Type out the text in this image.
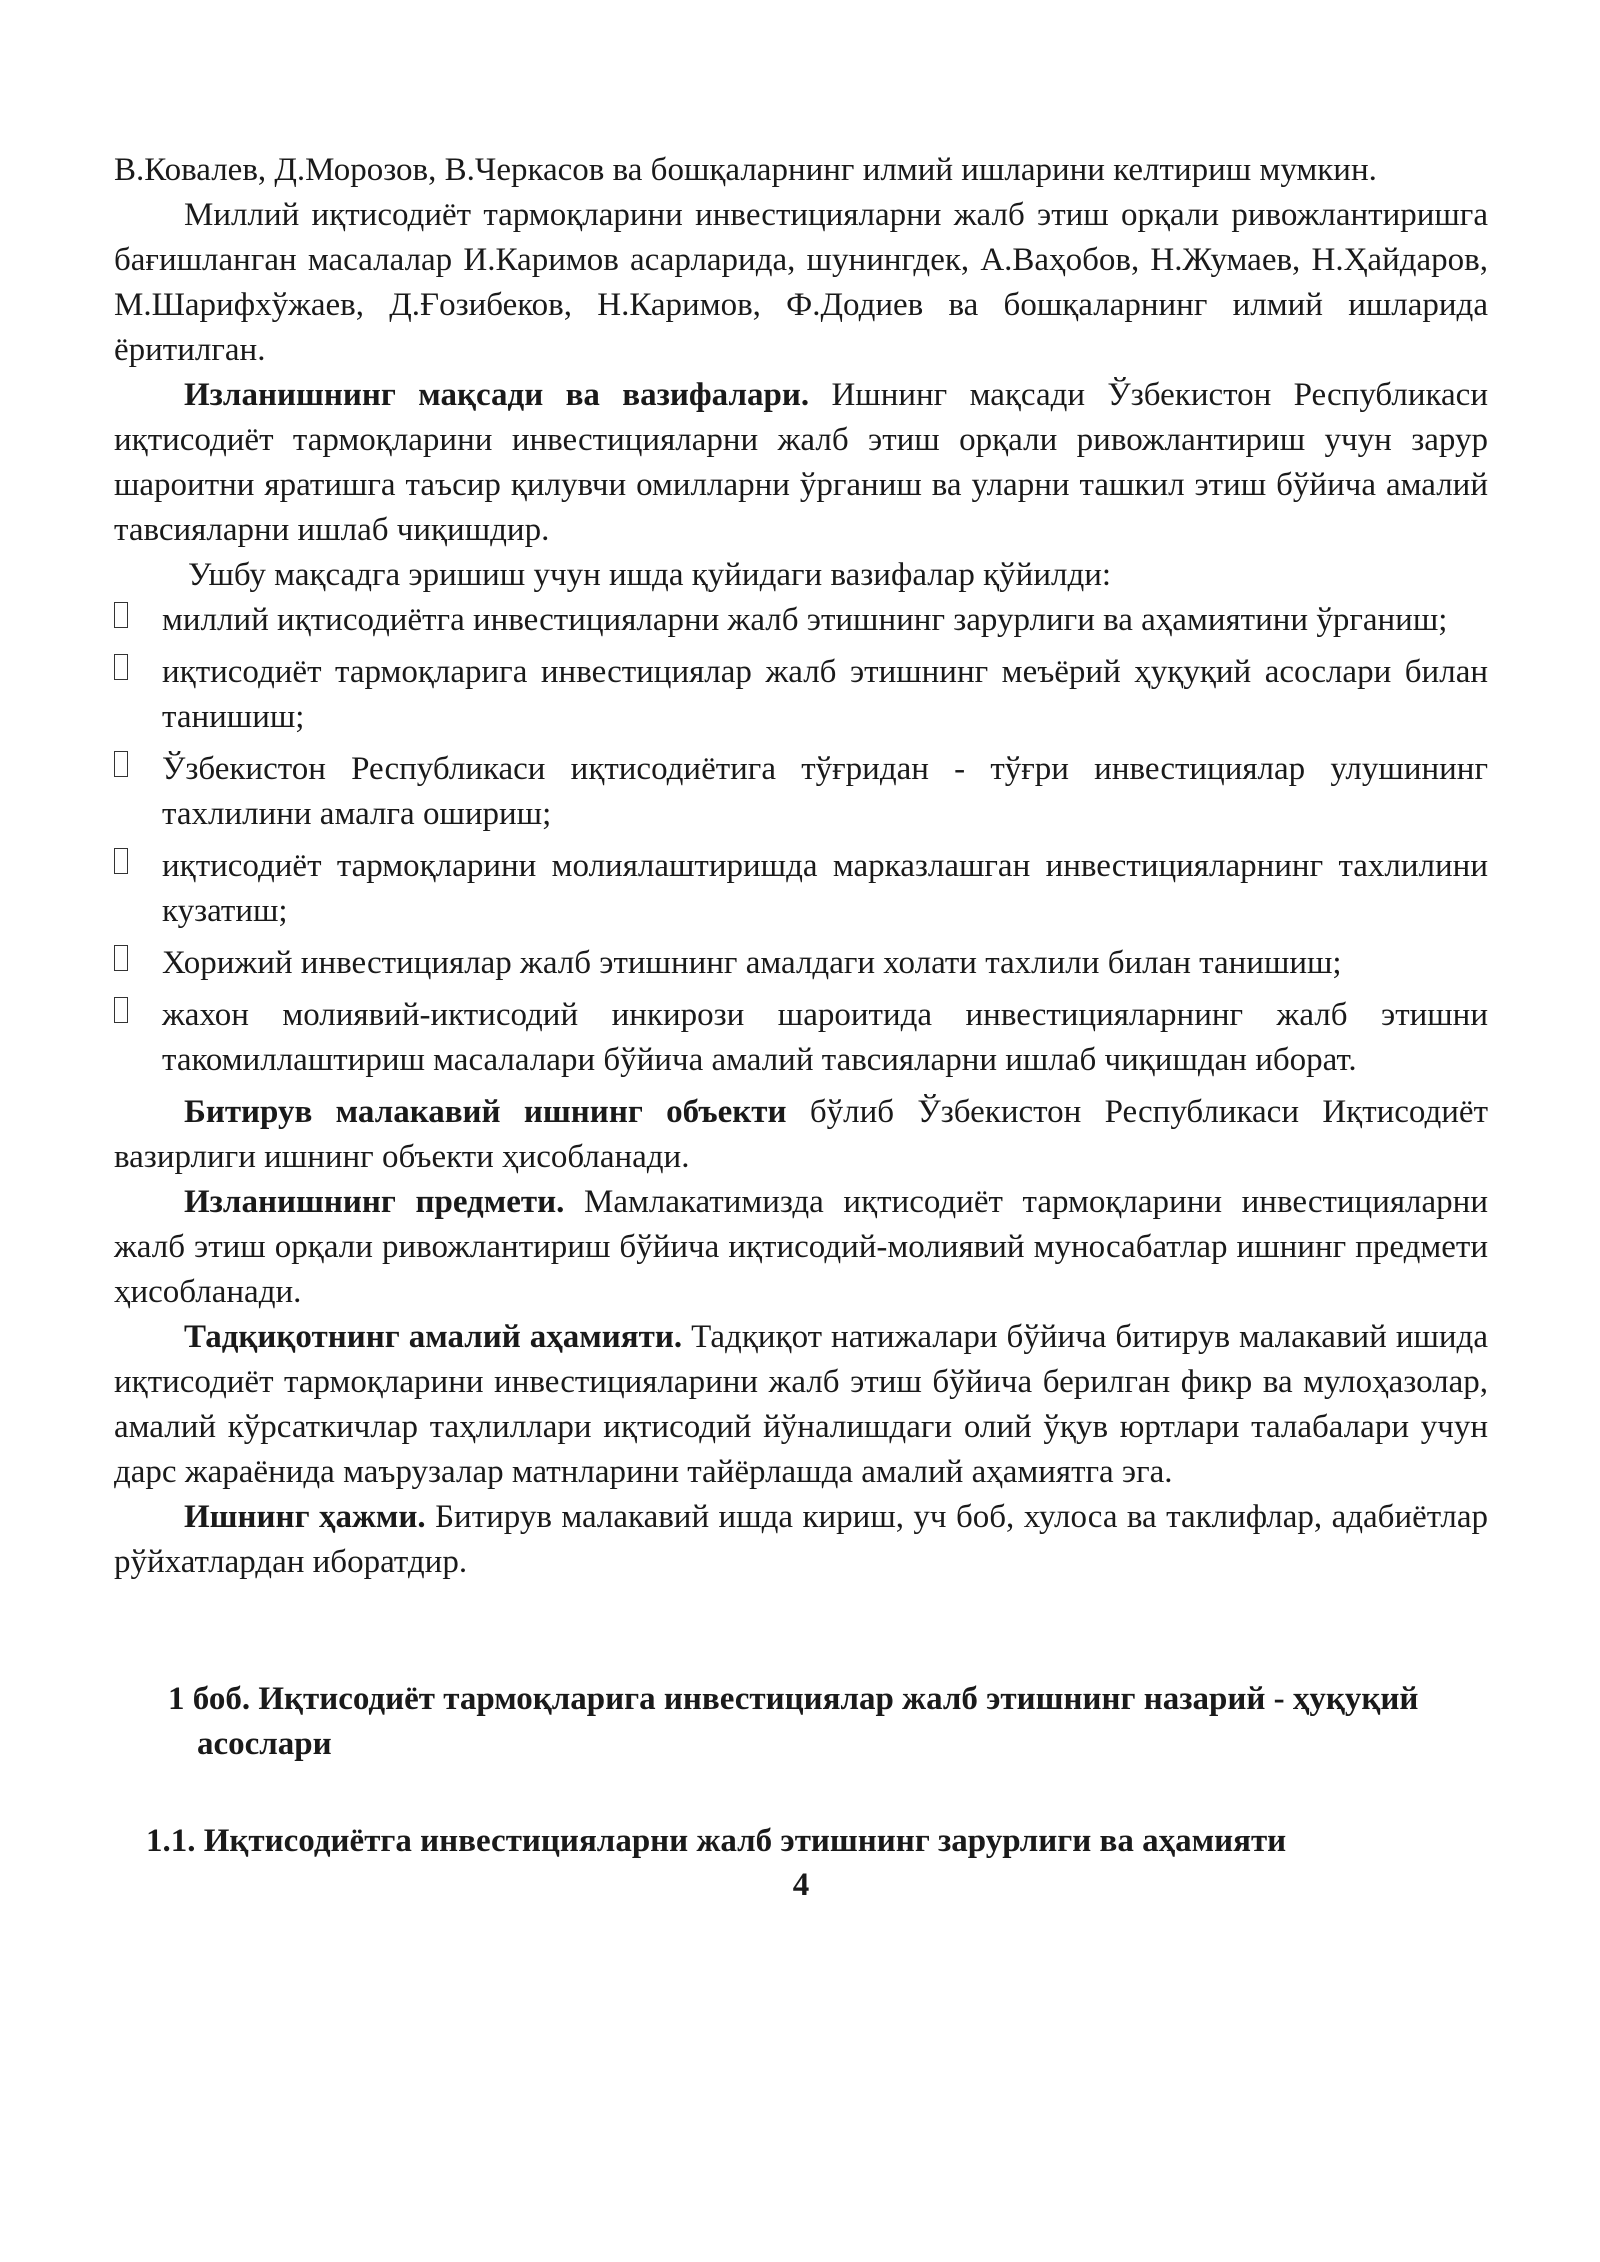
В.Ковалев, Д.Морозов, В.Черкасов ва бошқаларнинг илмий ишларини келтириш мумкин.

Миллий иқтисодиёт тармоқларини инвестицияларни жалб этиш орқали ривожлантиришга бағишланган масалалар И.Каримов асарларида, шунингдек, А.Ваҳобов, Н.Жумаев, Н.Ҳайдаров, М.Шарифхўжаев, Д.Ғозибеков, Н.Каримов, Ф.Додиев ва бошқаларнинг илмий ишларида ёритилган.

Изланишнинг мақсади ва вазифалари. Ишнинг мақсади Ўзбекистон Республикаси иқтисодиёт тармоқларини инвестицияларни жалб этиш орқали ривожлантириш учун зарур шароитни яратишга таъсир қилувчи омилларни ўрганиш ва уларни ташкил этиш бўйича амалий тавсияларни ишлаб чиқишдир.

Ушбу мақсадга эришиш учун ишда қуйидаги вазифалар қўйилди:

миллий иқтисодиётга инвестицияларни жалб этишнинг зарурлиги ва аҳамиятини ўрганиш;
иқтисодиёт тармоқларига инвестициялар жалб этишнинг меъёрий ҳуқуқий асослари билан танишиш;
Ўзбекистон Республикаси иқтисодиётига тўғридан - тўғри инвестициялар улушининг тахлилини амалга ошириш;
иқтисодиёт тармоқларини молиялаштиришда марказлашган инвестицияларнинг тахлилини кузатиш;
Хорижий инвестициялар жалб этишнинг амалдаги холати тахлили билан танишиш;
жахон молиявий-иктисодий инкирози шароитида инвестицияларнинг жалб этишни такомиллаштириш масалалари бўйича амалий тавсияларни ишлаб чиқишдан иборат.

Битирув малакавий ишнинг объекти бўлиб Ўзбекистон Республикаси Иқтисодиёт вазирлиги ишнинг объекти ҳисобланади.

Изланишнинг предмети. Мамлакатимизда иқтисодиёт тармоқларини инвестицияларни жалб этиш орқали ривожлантириш бўйича иқтисодий-молиявий муносабатлар ишнинг предмети ҳисобланади.

Тадқиқотнинг амалий аҳамияти. Тадқиқот натижалари бўйича битирув малакавий ишида иқтисодиёт тармоқларини инвестицияларини жалб этиш бўйича берилган фикр ва мулоҳазолар, амалий кўрсаткичлар таҳлиллари иқтисодий йўналишдаги олий ўқув юртлари талабалари учун дарс жараёнида маърузалар матнларини тайёрлашда амалий аҳамиятга эга.

Ишнинг ҳажми. Битирув малакавий ишда кириш, уч боб, хулоса ва таклифлар, адабиётлар рўйхатлардан иборатдир.

1 боб. Иқтисодиёт тармоқларига инвестициялар жалб этишнинг назарий - ҳуқуқий асослари

1.1. Иқтисодиётга инвестицияларни жалб этишнинг зарурлиги ва аҳамияти

4
